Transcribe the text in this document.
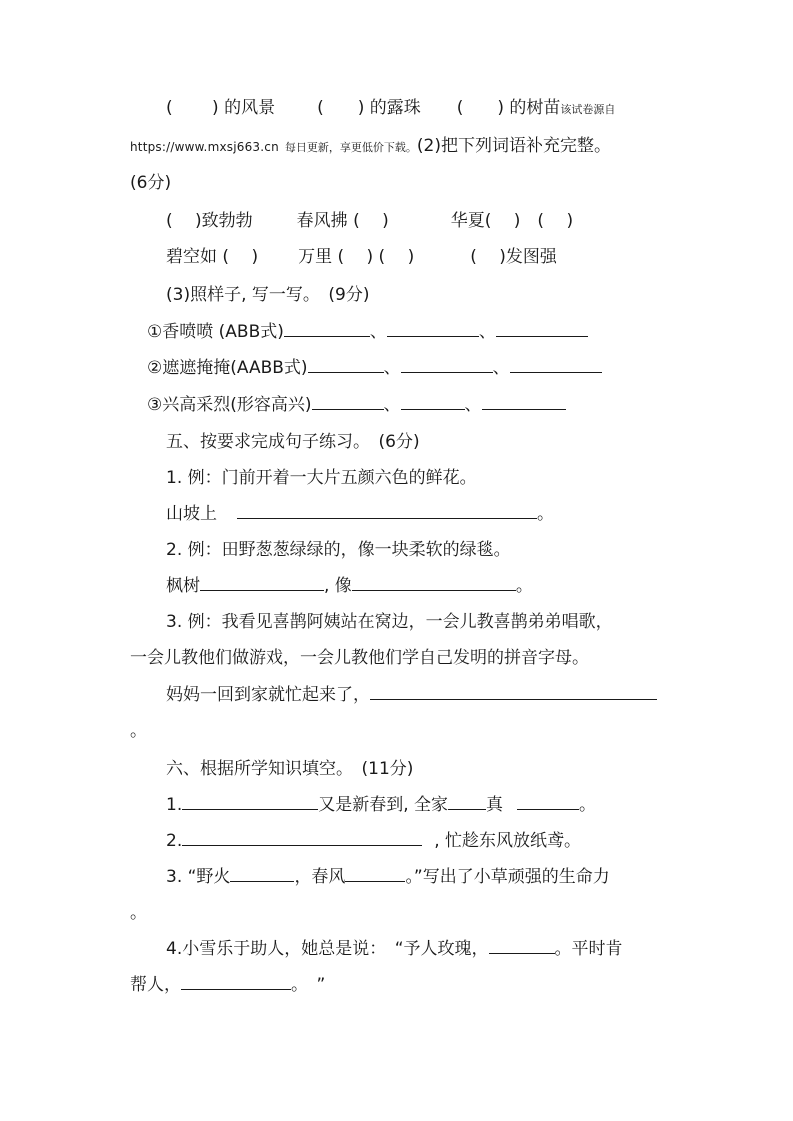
(　　 ) 的风景 (　　) 的露珠 (　　) 的树苗该试卷源自
https://www.mxsj663.cn 每日更新，享更低价下载。(2)把下列词语补充完整。
(6分)
(　 )致勃勃	春风拂 (　 )	华夏(　 )　(　 )
碧空如 (　 ) 万里 (　 ) (　 )	(　 )发图强
(3)照样子, 写一写。　(9分)
①香喷喷 (ABB式)	、	、
②遮遮掩掩(AABB式)	、	、
③兴高采烈(形容高兴)	、	、
五、按要求完成句子练习。　(6分)
1. 例：门前开着一大片五颜六色的鲜花。
山坡上	。
2. 例：田野葱葱绿绿的，像一块柔软的绿毯。
枫树	, 像	。
3. 例：我看见喜鹊阿姨站在窝边，一会儿教喜鹊弟弟唱歌，
一会儿教他们做游戏，一会儿教他们学自己发明的拼音字母。
妈妈一回到家就忙起来了，
。
六、根据所学知识填空。　(11分)
1.	又是新春到, 全家 真	。
2.	, 忙趁东风放纸鸢。
3. “野火	，春风	。”写出了小草顽强的生命力
。
4.小雪乐于助人，她总是说：　“予人玫瑰，	。平时肯
帮人，	。　”
